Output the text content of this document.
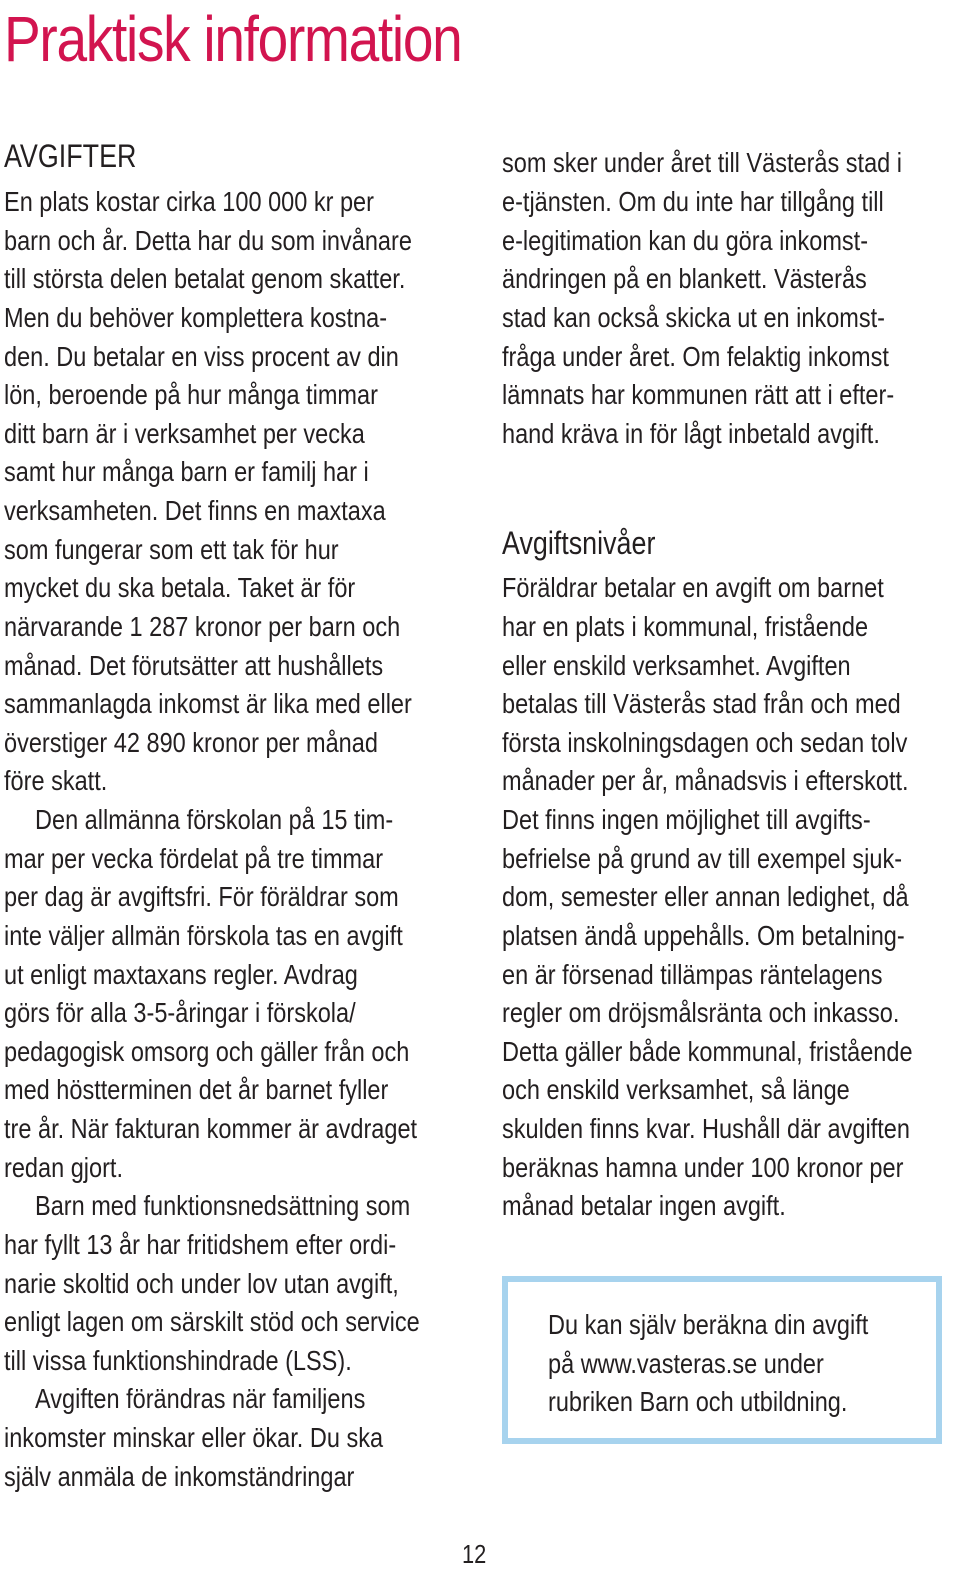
Praktisk information
AVGIFTER
En plats kostar cirka 100 000 kr per
barn och år. Detta har du som invånare
till största delen betalat genom skatter.
Men du behöver komplettera kostna-
den. Du betalar en viss procent av din
lön, beroende på hur många timmar
ditt barn är i verksamhet per vecka
samt hur många barn er familj har i
verksamheten. Det finns en maxtaxa
som fungerar som ett tak för hur
mycket du ska betala. Taket är för
närvarande 1 287 kronor per barn och
månad. Det förutsätter att hushållets
sammanlagda inkomst är lika med eller
överstiger 42 890 kronor per månad
före skatt.
Den allmänna förskolan på 15 tim-
mar per vecka fördelat på tre timmar
per dag är avgiftsfri. För föräldrar som
inte väljer allmän förskola tas en avgift
ut enligt maxtaxans regler. Avdrag
görs för alla 3-5-åringar i förskola/
pedagogisk omsorg och gäller från och
med höstterminen det år barnet fyller
tre år. När fakturan kommer är avdraget
redan gjort.
Barn med funktionsnedsättning som
har fyllt 13 år har fritidshem efter ordi-
narie skoltid och under lov utan avgift,
enligt lagen om särskilt stöd och service
till vissa funktionshindrade (LSS).
Avgiften förändras när familjens
inkomster minskar eller ökar. Du ska
själv anmäla de inkomständringar
som sker under året till Västerås stad i
e-tjänsten. Om du inte har tillgång till
e-legitimation kan du göra inkomst-
ändringen på en blankett. Västerås
stad kan också skicka ut en inkomst-
fråga under året. Om felaktig inkomst
lämnats har kommunen rätt att i efter-
hand kräva in för lågt inbetald avgift.
Avgiftsnivåer
Föräldrar betalar en avgift om barnet
har en plats i kommunal, fristående
eller enskild verksamhet. Avgiften
betalas till Västerås stad från och med
första inskolningsdagen och sedan tolv
månader per år, månadsvis i efterskott.
Det finns ingen möjlighet till avgifts-
befrielse på grund av till exempel sjuk-
dom, semester eller annan ledighet, då
platsen ändå uppehålls. Om betalning-
en är försenad tillämpas räntelagens
regler om dröjsmålsränta och inkasso.
Detta gäller både kommunal, fristående
och enskild verksamhet, så länge
skulden finns kvar. Hushåll där avgiften
beräknas hamna under 100 kronor per
månad betalar ingen avgift.
Du kan själv beräkna din avgift
på www.vasteras.se under
rubriken Barn och utbildning.
12
